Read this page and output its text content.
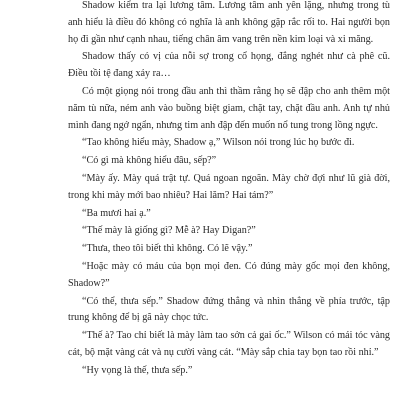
Shadow kiểm tra lại lương tâm. Lương tâm anh yên lặng, nhưng trong tù anh hiểu là điều đó không có nghĩa là anh không gặp rắc rối to. Hai người bọn họ đi gần như cạnh nhau, tiếng chân âm vang trên nền kim loại và xi măng.

Shadow thấy có vị của nỗi sợ trong cổ họng, đắng nghét như cà phê cũ. Điều tồi tệ đang xảy ra…

Có một giọng nói trong đầu anh thì thầm rằng họ sẽ đập cho anh thêm một năm tù nữa, ném anh vào buồng biệt giam, chặt tay, chặt đầu anh. Anh tự nhủ mình đang ngớ ngẩn, nhưng tim anh đập đến muốn nổ tung trong lồng ngực.

“Tao không hiểu mày, Shadow ạ,” Wilson nói trong lúc họ bước đi.

“Có gì mà không hiểu đâu, sếp?”

“Mày ấy. Mày quá trật tự. Quá ngoan ngoãn. Mày chờ đợi như lũ già đời, trong khi mày mới bao nhiêu? Hai lăm? Hai tám?”

“Ba mươi hai ạ.”

“Thế mày là giống gì? Mễ à? Hay Digan?”

“Thưa, theo tôi biết thì không. Có lẽ vậy.”

“Hoặc mày có máu của bọn mọi đen. Có đúng mày gốc mọi đen không, Shadow?”

“Có thể, thưa sếp.” Shadow đứng thẳng và nhìn thẳng về phía trước, tập trung không để bị gã này chọc tức.

“Thế à? Tao chỉ biết là mày làm tao sởn cả gai ốc.” Wilson có mái tóc vàng cát, bộ mặt vàng cát và nụ cười vàng cát. “Mày sắp chia tay bọn tao rồi nhỉ.”

“Hy vọng là thế, thưa sếp.”
